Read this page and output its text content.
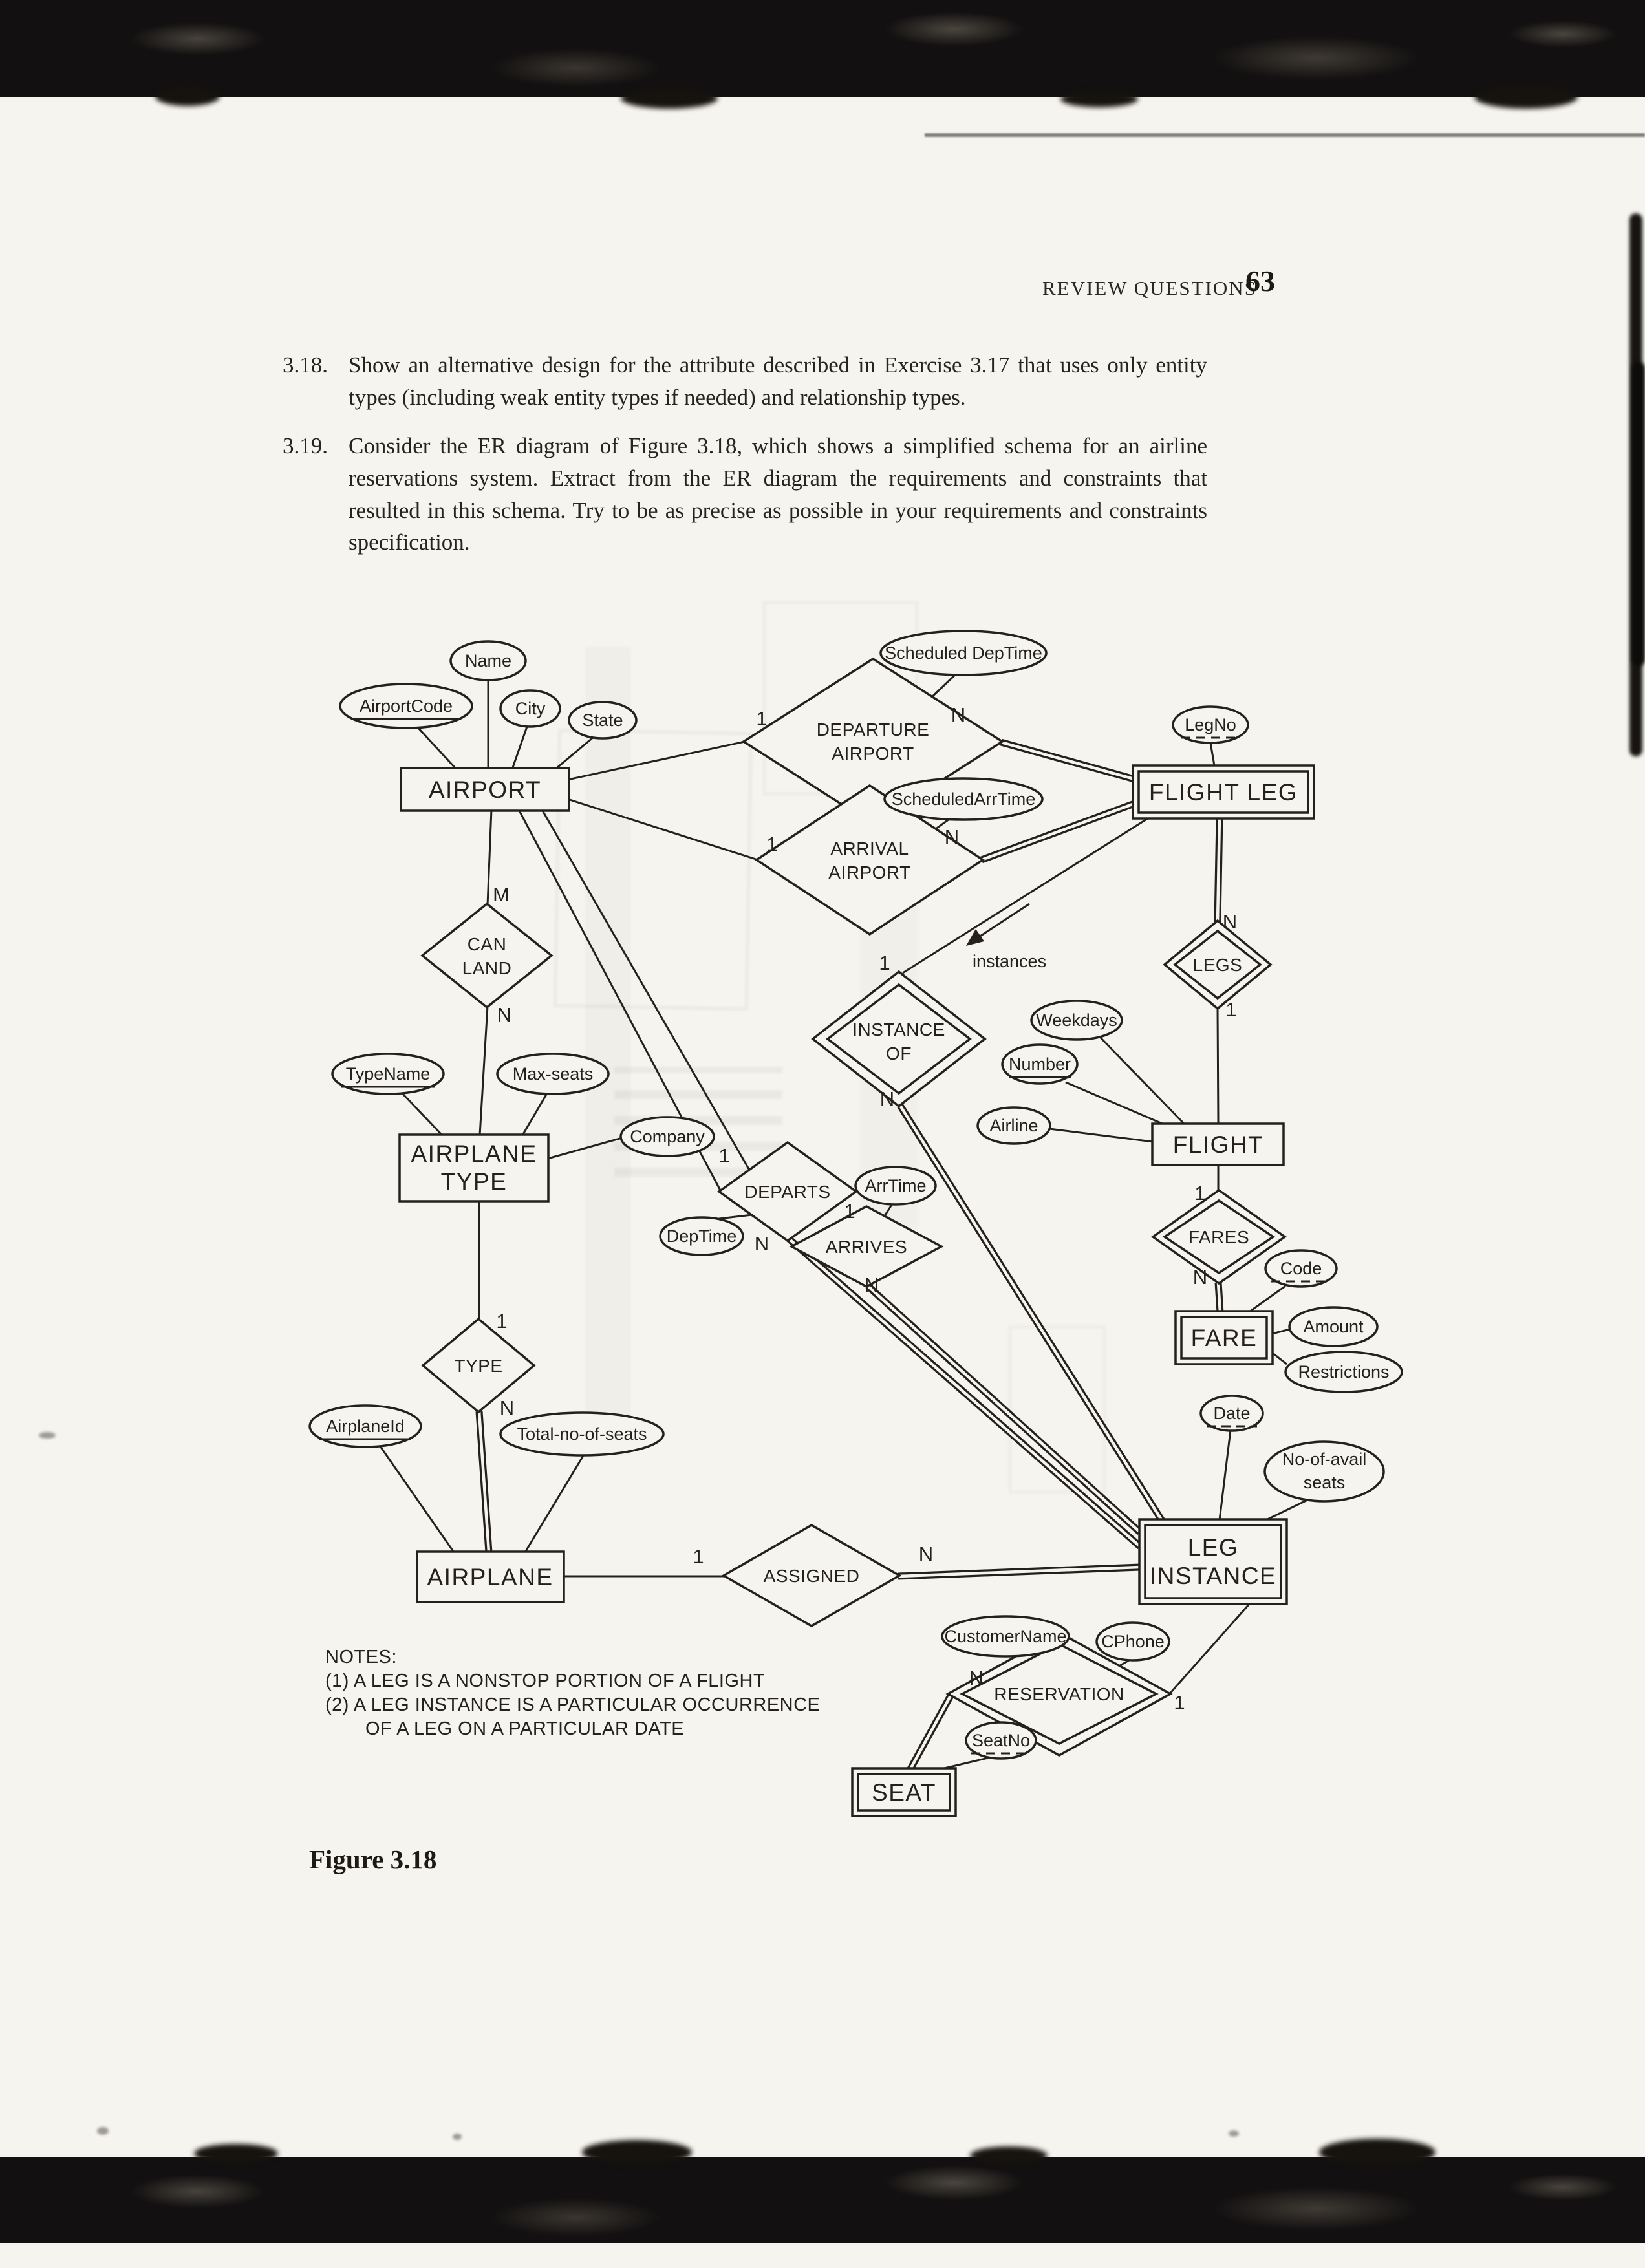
REVIEW QUESTIONS
63
3.18. Show an alternative design for the attribute described in Exercise 3.17 that uses only entity types (including weak entity types if needed) and relationship types.
3.19. Consider the ER diagram of Figure 3.18, which shows a simplified schema for an airline reservations system. Extract from the ER diagram the requirements and constraints that resulted in this schema. Try to be as precise as possible in your requirements and constraints specification.
AIRPORT	FLIGHT LEG
AIRPLANE
TYPE
FLIGHT
FARE
AIRPLANE
LEG
INSTANCE
SEAT
DEPARTURE
AIRPORT
ARRIVAL
AIRPORT
CAN
LAND
INSTANCE
OF
LEGS
DEPARTS
ARRIVES	FARES
TYPE
ASSIGNED
RESERVATION
Name
AirportCode	City
State
Scheduled DepTime
ScheduledArrTime
LegNo
Weekdays
Number
Airline
TypeName	Max-seats
Company
DepTime
ArrTime
Code
Amount
Restrictions
Date
No-of-avail
seats
AirplaneId	Total-no-of-seats
CustomerName CPhone
SeatNo
1	N
1	N
M
N
1
N
N
1
1
N
1
N
1
N
1
N
1	N
N
1
instances
NOTES:
(1) A LEG IS A NONSTOP PORTION OF A FLIGHT
(2) A LEG INSTANCE IS A PARTICULAR OCCURRENCE
OF A LEG ON A PARTICULAR DATE
Figure 3.18
